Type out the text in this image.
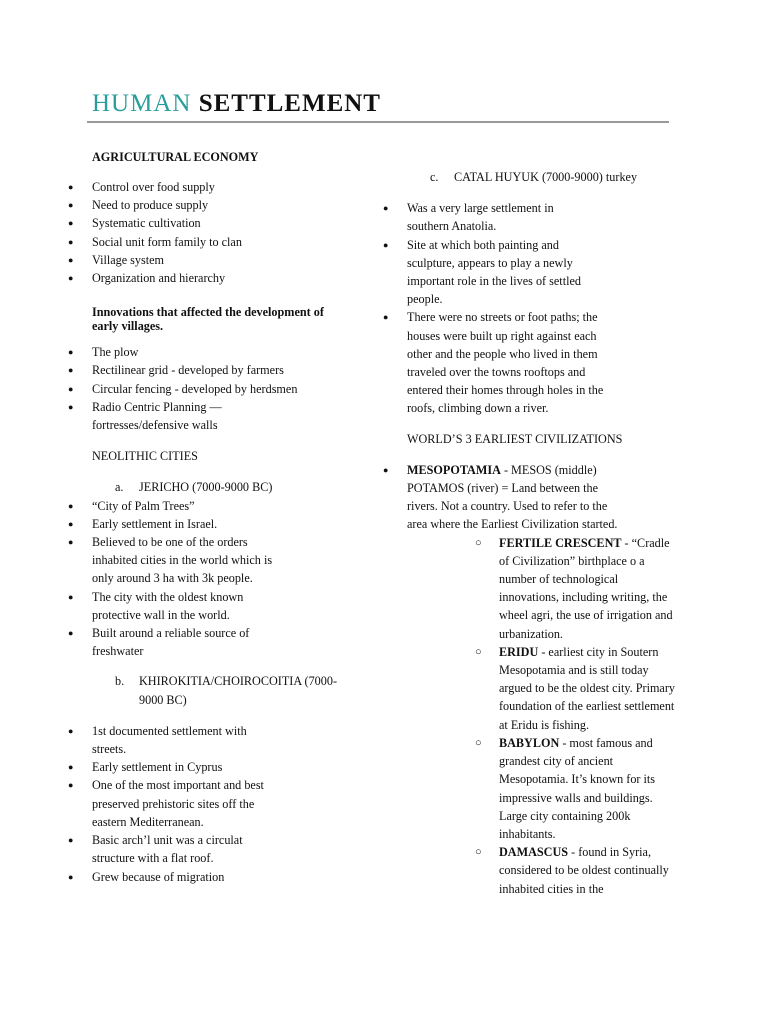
HUMAN SETTLEMENT

AGRICULTURAL ECONOMY

● Control over food supply
● Need to produce supply
● Systematic cultivation
● Social unit form family to clan
● Village system
● Organization and hierarchy

Innovations that affected the development of early villages.

● The plow
● Rectilinear grid - developed by farmers
● Circular fencing - developed by herdsmen
● Radio Centric Planning — fortresses/defensive walls

NEOLITHIC CITIES

a. JERICHO (7000-9000 BC)
● “City of Palm Trees”
● Early settlement in Israel.
● Believed to be one of the orders inhabited cities in the world which is only around 3 ha with 3k people.
● The city with the oldest known protective wall in the world.
● Built around a reliable source of freshwater
b. KHIROKITIA/CHOIROCOITIA (7000-9000 BC)
● 1st documented settlement with streets.
● Early settlement in Cyprus
● One of the most important and best preserved prehistoric sites off the eastern Mediterranean.
● Basic arch’l unit was a circulat structure with a flat roof.
● Grew because of migration
c. CATAL HUYUK (7000-9000) turkey
● Was a very large settlement in southern Anatolia.
● Site at which both painting and sculpture, appears to play a newly important role in the lives of settled people.
● There were no streets or foot paths; the houses were built up right against each other and the people who lived in them traveled over the towns rooftops and entered their homes through holes in the roofs, climbing down a river.

WORLD’S 3 EARLIEST CIVILIZATIONS

● MESOPOTAMIA - MESOS (middle) POTAMOS (river) = Land between the rivers. Not a country. Used to refer to the area where the Earliest Civilization started.
○ FERTILE CRESCENT - “Cradle of Civilization” birthplace o a number of technological innovations, including writing, the wheel agri, the use of irrigation and urbanization.
○ ERIDU - earliest city in Soutern Mesopotamia and is still today argued to be the oldest city. Primary foundation of the earliest settlement at Eridu is fishing.
○ BABYLON - most famous and grandest city of ancient Mesopotamia. It’s known for its impressive walls and buildings. Large city containing 200k inhabitants.
○ DAMASCUS - found in Syria, considered to be oldest continually inhabited cities in the
